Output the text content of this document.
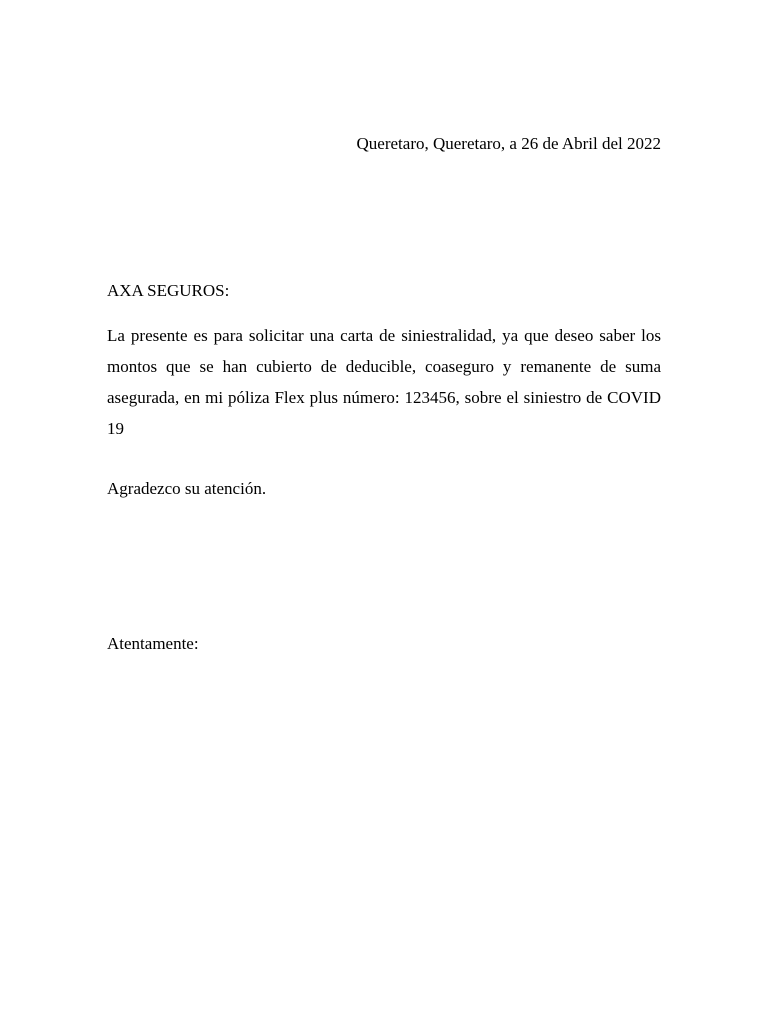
Queretaro, Queretaro, a 26 de Abril del 2022
AXA SEGUROS:

La presente es para solicitar una carta de siniestralidad, ya que deseo saber los montos que se han cubierto de deducible, coaseguro y remanente de suma asegurada, en mi póliza Flex plus número: 123456, sobre el siniestro de COVID 19

Agradezco su atención.
Atentamente:
